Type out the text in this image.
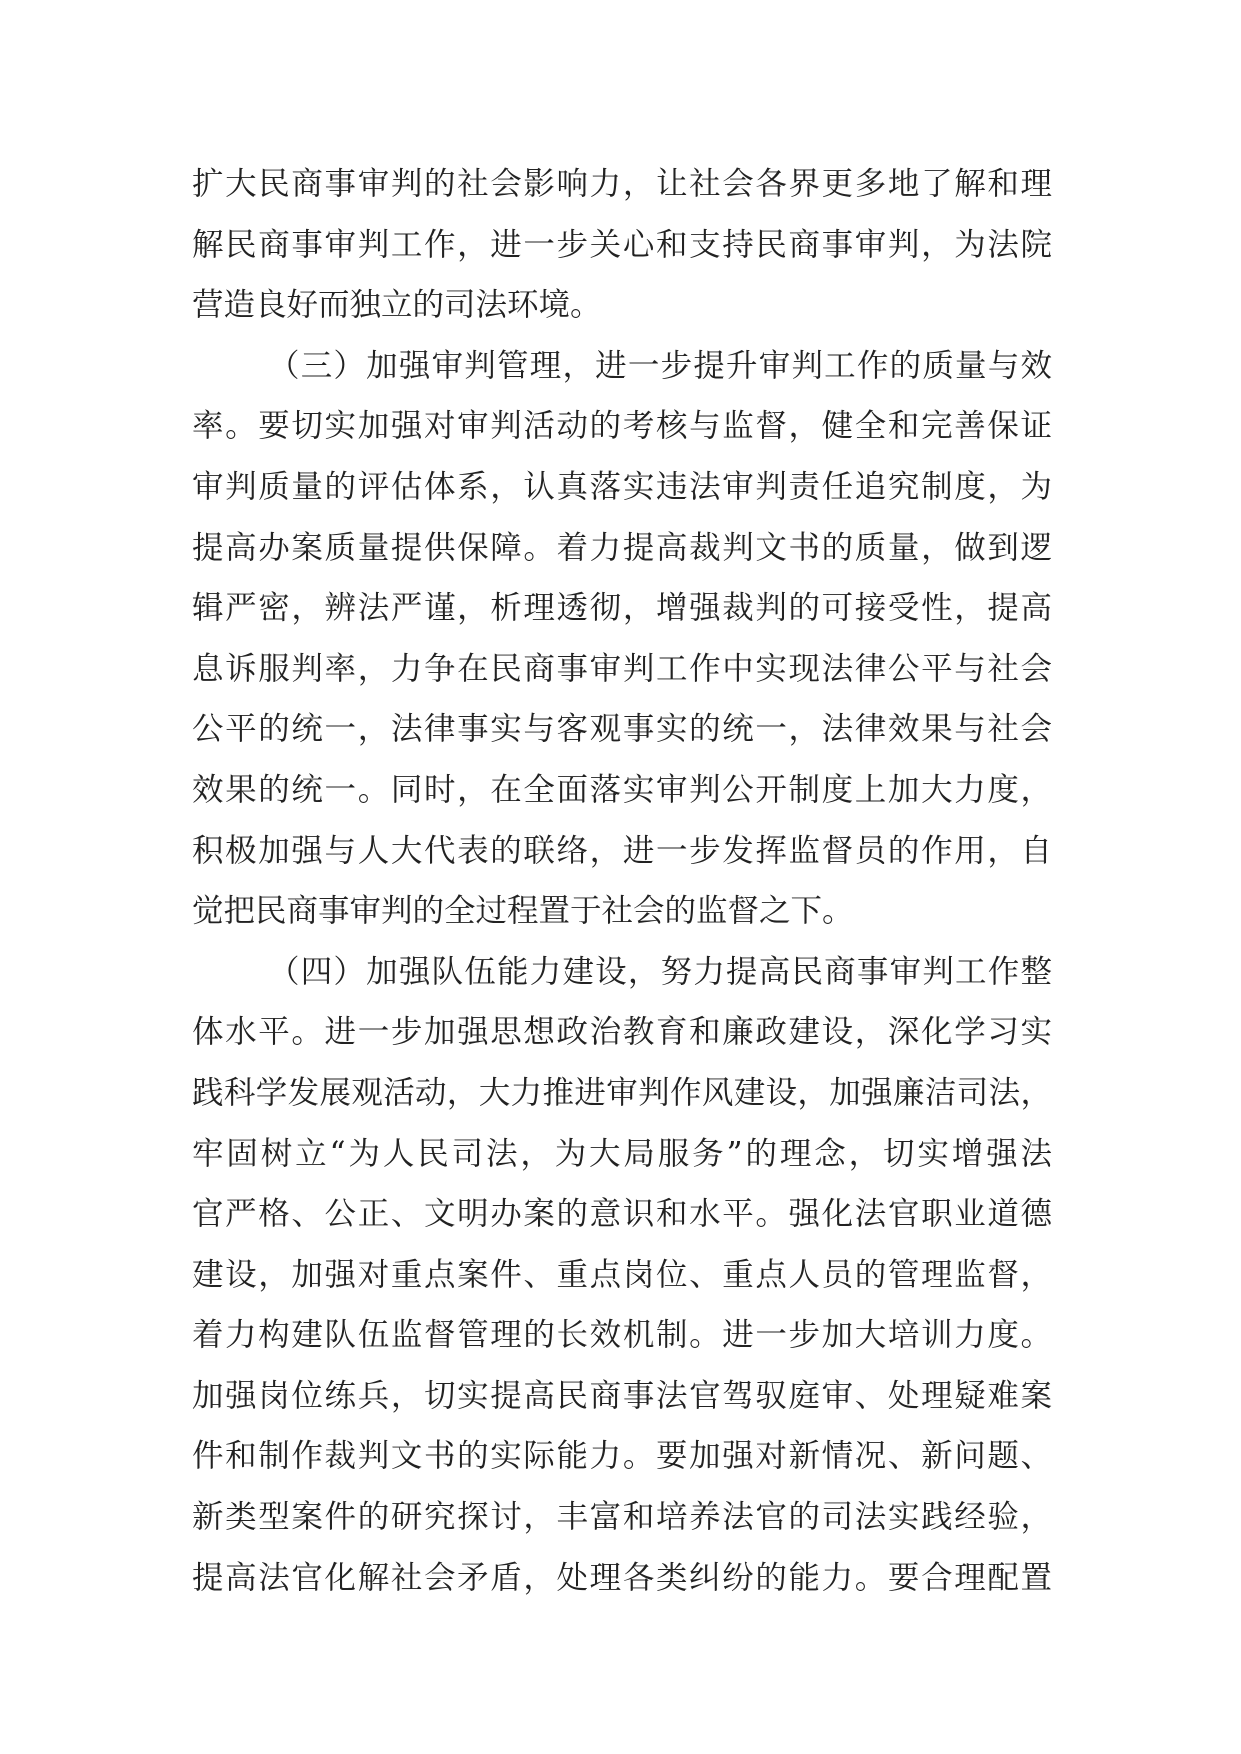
扩大民商事审判的社会影响力，让社会各界更多地了解和理
解民商事审判工作，进一步关心和支持民商事审判，为法院
营造良好而独立的司法环境。
（三）加强审判管理，进一步提升审判工作的质量与效
率。要切实加强对审判活动的考核与监督，健全和完善保证
审判质量的评估体系，认真落实违法审判责任追究制度，为
提高办案质量提供保障。着力提高裁判文书的质量，做到逻
辑严密，辨法严谨，析理透彻，增强裁判的可接受性，提高
息诉服判率，力争在民商事审判工作中实现法律公平与社会
公平的统一，法律事实与客观事实的统一，法律效果与社会
效果的统一。同时，在全面落实审判公开制度上加大力度，
积极加强与人大代表的联络，进一步发挥监督员的作用，自
觉把民商事审判的全过程置于社会的监督之下。
（四）加强队伍能力建设，努力提高民商事审判工作整
体水平。进一步加强思想政治教育和廉政建设，深化学习实
践科学发展观活动，大力推进审判作风建设，加强廉洁司法，
牢固树立“为人民司法，为大局服务”的理念，切实增强法
官严格、公正、文明办案的意识和水平。强化法官职业道德
建设，加强对重点案件、重点岗位、重点人员的管理监督，
着力构建队伍监督管理的长效机制。进一步加大培训力度。
加强岗位练兵，切实提高民商事法官驾驭庭审、处理疑难案
件和制作裁判文书的实际能力。要加强对新情况、新问题、
新类型案件的研究探讨，丰富和培养法官的司法实践经验，
提高法官化解社会矛盾，处理各类纠纷的能力。要合理配置
